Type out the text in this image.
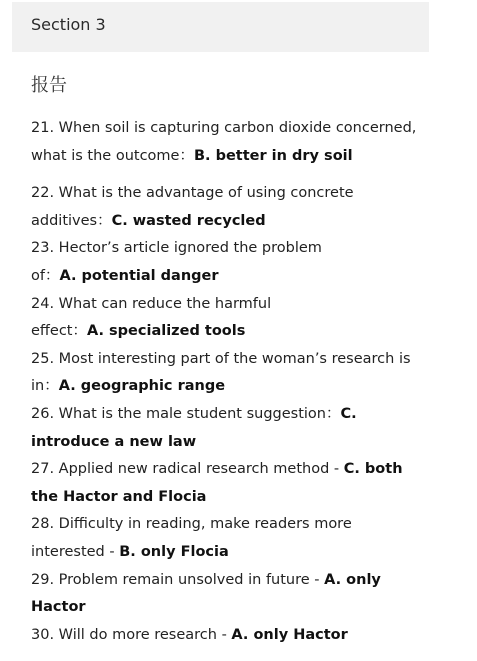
Section 3
报告
21. When soil is capturing carbon dioxide concerned,
what is the outcome：B. better in dry soil
22. What is the advantage of using concrete
additives：C. wasted recycled
23. Hector’s article ignored the problem
of：A. potential danger
24. What can reduce the harmful
effect：A. specialized tools
25. Most interesting part of the woman’s research is
in：A. geographic range
26. What is the male student suggestion：C.
introduce a new law
27. Applied new radical research method - C. both
the Hactor and Flocia
28. Difficulty in reading, make readers more
interested - B. only Flocia
29. Problem remain unsolved in future - A. only
Hactor
30. Will do more research - A. only Hactor
